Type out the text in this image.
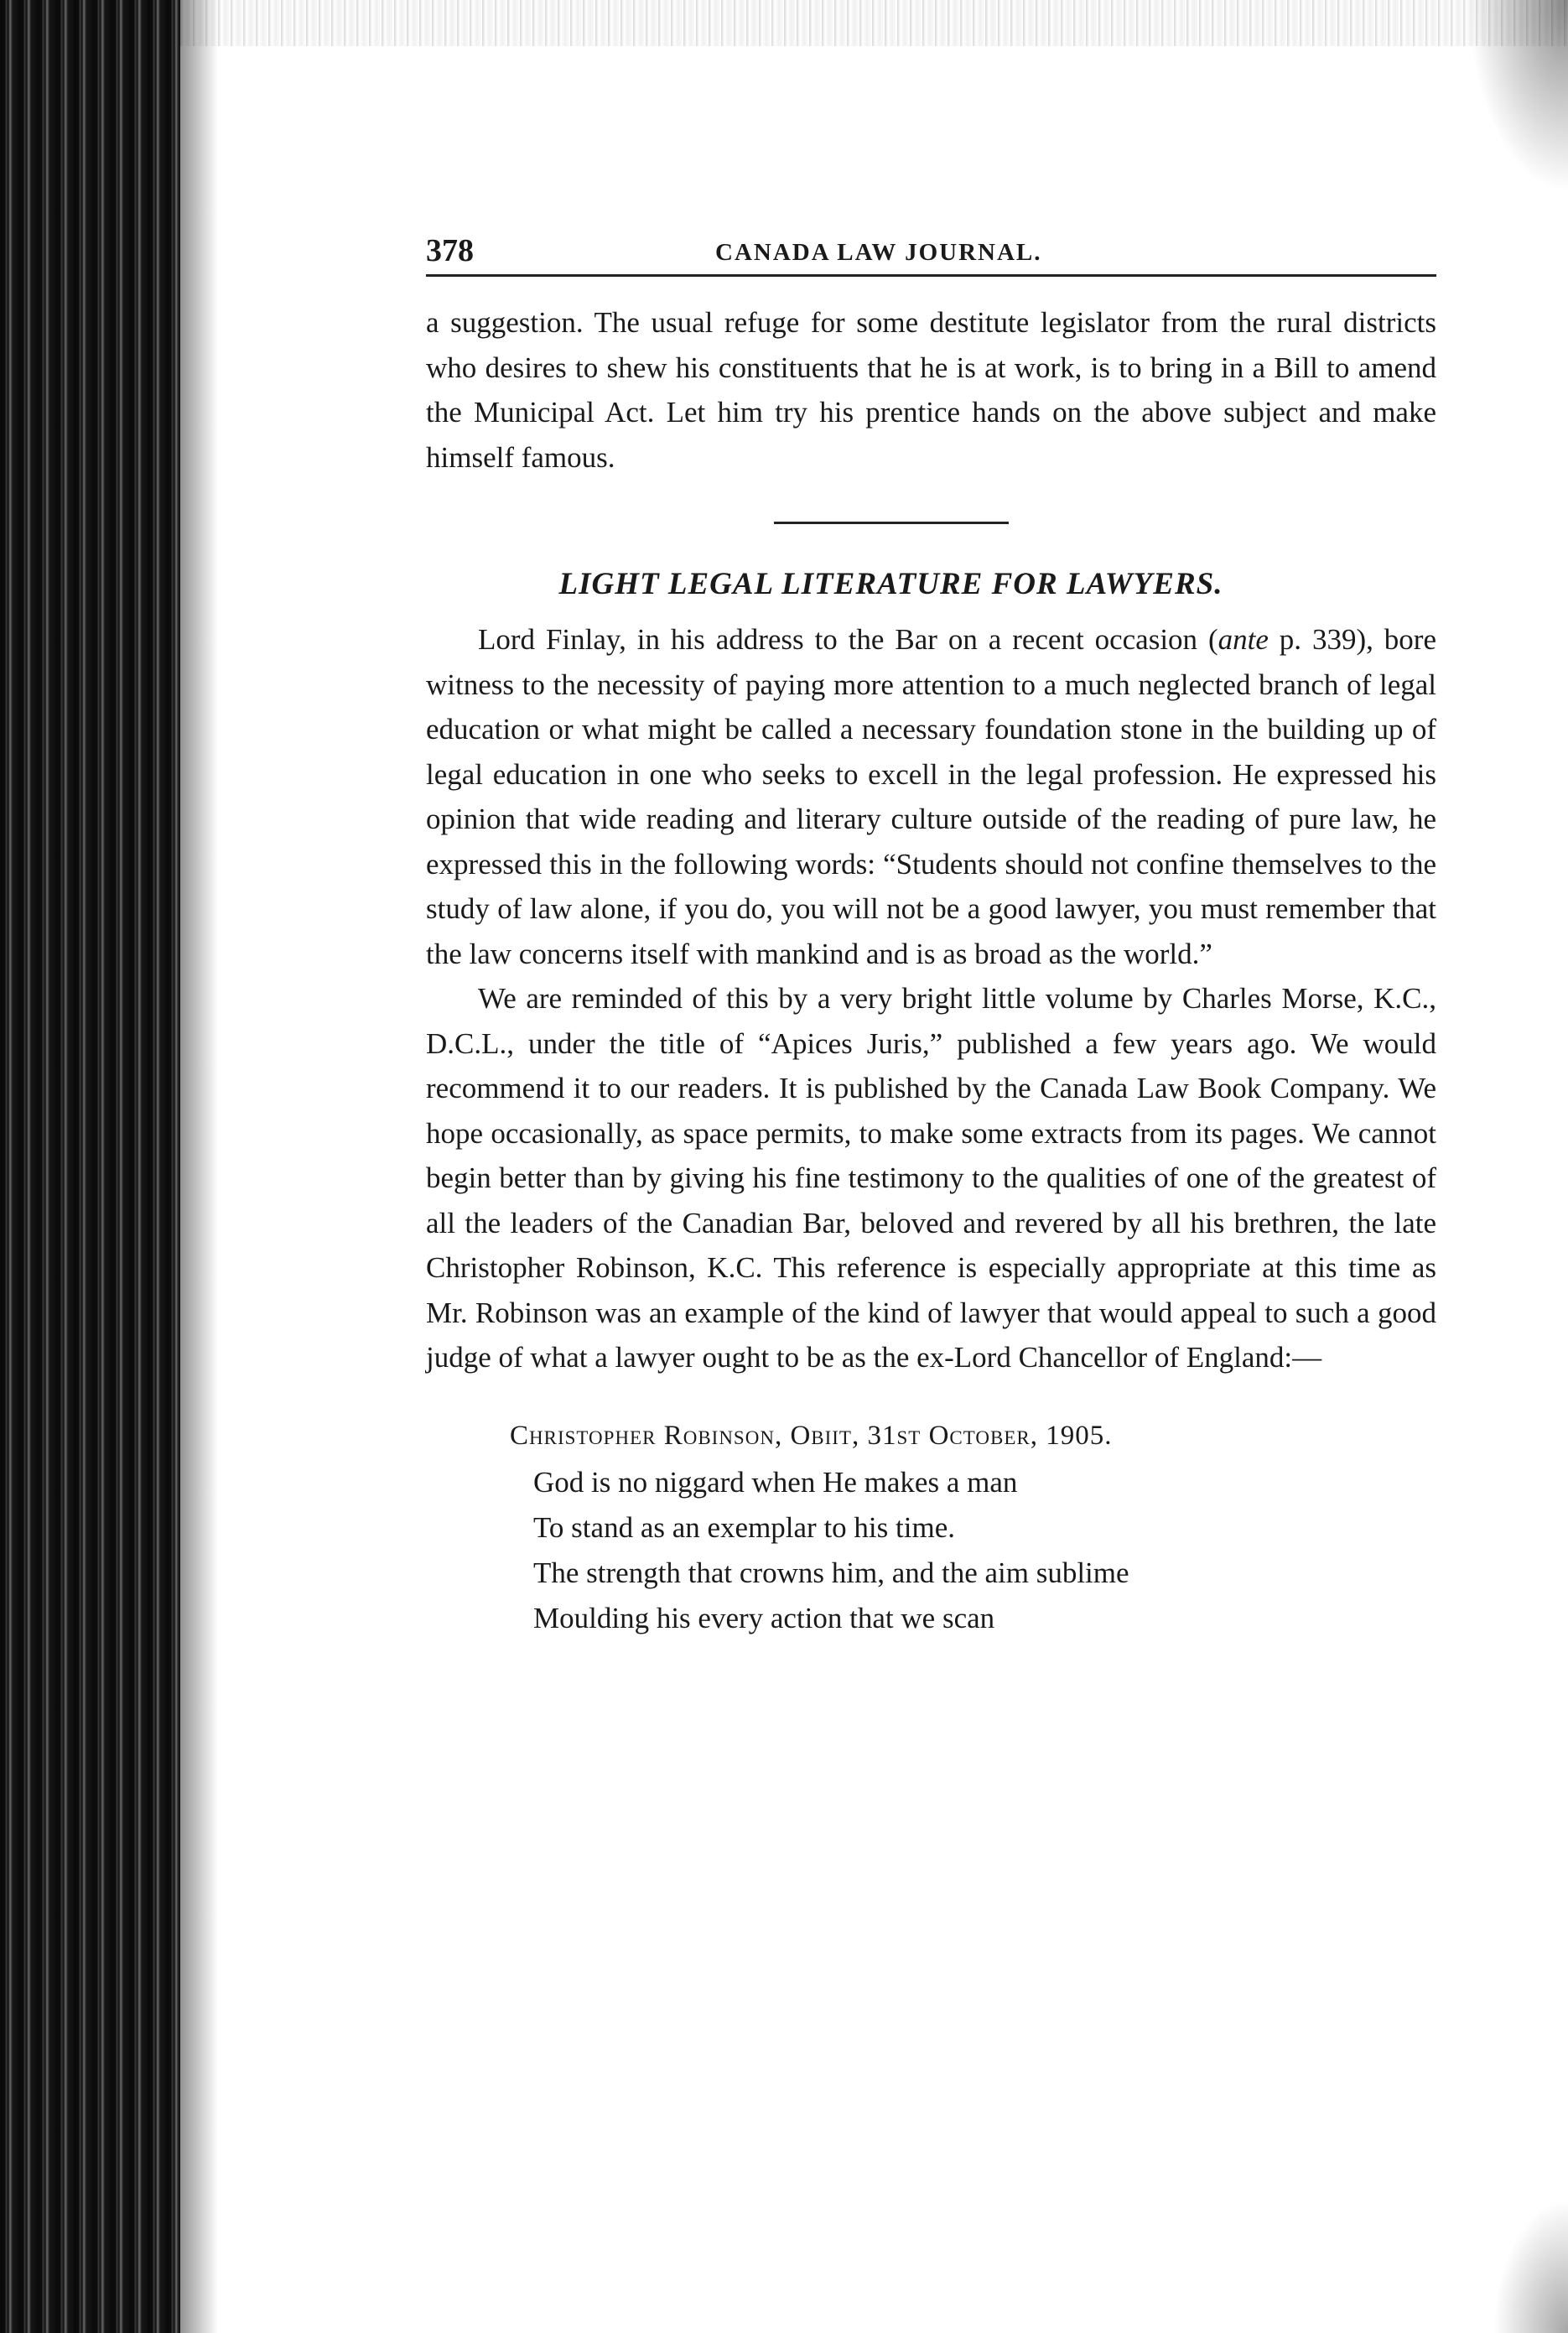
378	CANADA LAW JOURNAL.

a suggestion. The usual refuge for some destitute legislator from the rural districts who desires to shew his constituents that he is at work, is to bring in a Bill to amend the Municipal Act. Let him try his prentice hands on the above subject and make himself famous.

LIGHT LEGAL LITERATURE FOR LAWYERS.

Lord Finlay, in his address to the Bar on a recent occasion (ante p. 339), bore witness to the necessity of paying more attention to a much neglected branch of legal education or what might be called a necessary foundation stone in the building up of legal education in one who seeks to excell in the legal profession. He expressed his opinion that wide reading and literary culture outside of the reading of pure law, he expressed this in the following words: “Students should not confine themselves to the study of law alone, if you do, you will not be a good lawyer, you must remember that the law concerns itself with mankind and is as broad as the world.”

We are reminded of this by a very bright little volume by Charles Morse, K.C., D.C.L., under the title of “Apices Juris,” published a few years ago. We would recommend it to our readers. It is published by the Canada Law Book Company. We hope occasionally, as space permits, to make some extracts from its pages. We cannot begin better than by giving his fine testimony to the qualities of one of the greatest of all the leaders of the Canadian Bar, beloved and revered by all his brethren, the late Christopher Robinson, K.C. This reference is especially appropriate at this time as Mr. Robinson was an example of the kind of lawyer that would appeal to such a good judge of what a lawyer ought to be as the ex-Lord Chancellor of England:—

Christopher Robinson, Obiit, 31st October, 1905.
God is no niggard when He makes a man
To stand as an exemplar to his time.
The strength that crowns him, and the aim sublime
Moulding his every action that we scan
